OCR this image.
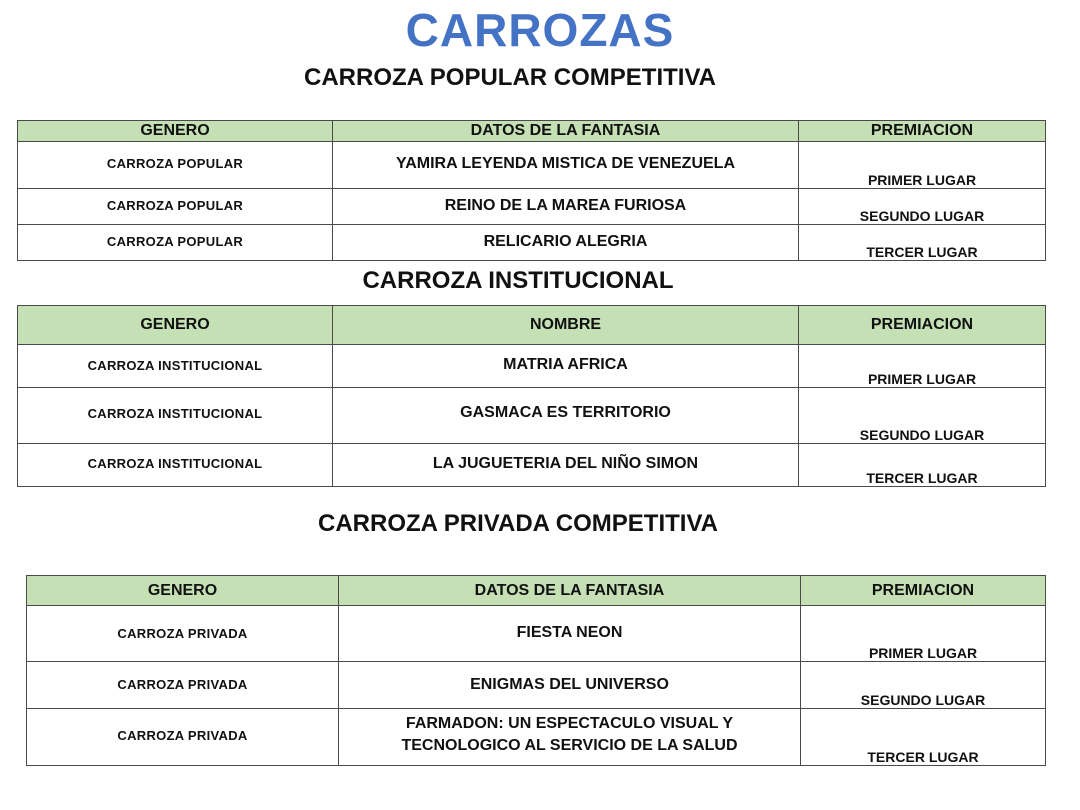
CARROZAS
CARROZA POPULAR COMPETITIVA
GENERO	DATOS DE LA FANTASIA	PREMIACION
CARROZA POPULAR	YAMIRA LEYENDA MISTICA DE VENEZUELA	PRIMER LUGAR
CARROZA POPULAR	REINO DE LA MAREA FURIOSA	SEGUNDO LUGAR
CARROZA POPULAR	RELICARIO ALEGRIA	TERCER LUGAR
CARROZA INSTITUCIONAL
GENERO	NOMBRE	PREMIACION
CARROZA INSTITUCIONAL	MATRIA AFRICA	PRIMER LUGAR
CARROZA INSTITUCIONAL	GASMACA ES TERRITORIO	SEGUNDO LUGAR
CARROZA INSTITUCIONAL	LA JUGUETERIA DEL NIÑO SIMON	TERCER LUGAR
CARROZA PRIVADA COMPETITIVA
GENERO	DATOS DE LA FANTASIA	PREMIACION
CARROZA PRIVADA	FIESTA NEON	PRIMER LUGAR
CARROZA PRIVADA	ENIGMAS DEL UNIVERSO	SEGUNDO LUGAR
CARROZA PRIVADA	FARMADON: UN ESPECTACULO VISUAL Y TECNOLOGICO AL SERVICIO DE LA SALUD	TERCER LUGAR
